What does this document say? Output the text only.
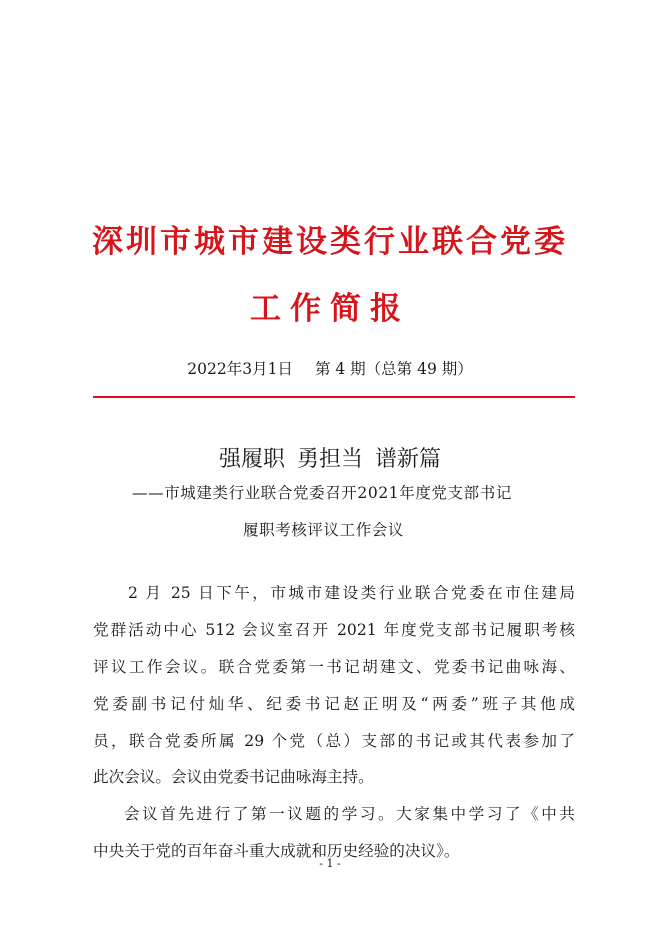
深圳市城市建设类行业联合党委
工作简报
2022年3月1日 第 4 期（总第 49 期）
强履职 勇担当 谱新篇
——市城建类行业联合党委召开2021年度党支部书记
履职考核评议工作会议
2 月 25 日下午，市城市建设类行业联合党委在市住建局
党群活动中心 512 会议室召开 2021 年度党支部书记履职考核
评议工作会议。联合党委第一书记胡建文、党委书记曲咏海、
党委副书记付灿华、纪委书记赵正明及“两委”班子其他成
员，联合党委所属 29 个党（总）支部的书记或其代表参加了
此次会议。会议由党委书记曲咏海主持。
会议首先进行了第一议题的学习。大家集中学习了《中共
中央关于党的百年奋斗重大成就和历史经验的决议》。
- 1 -
